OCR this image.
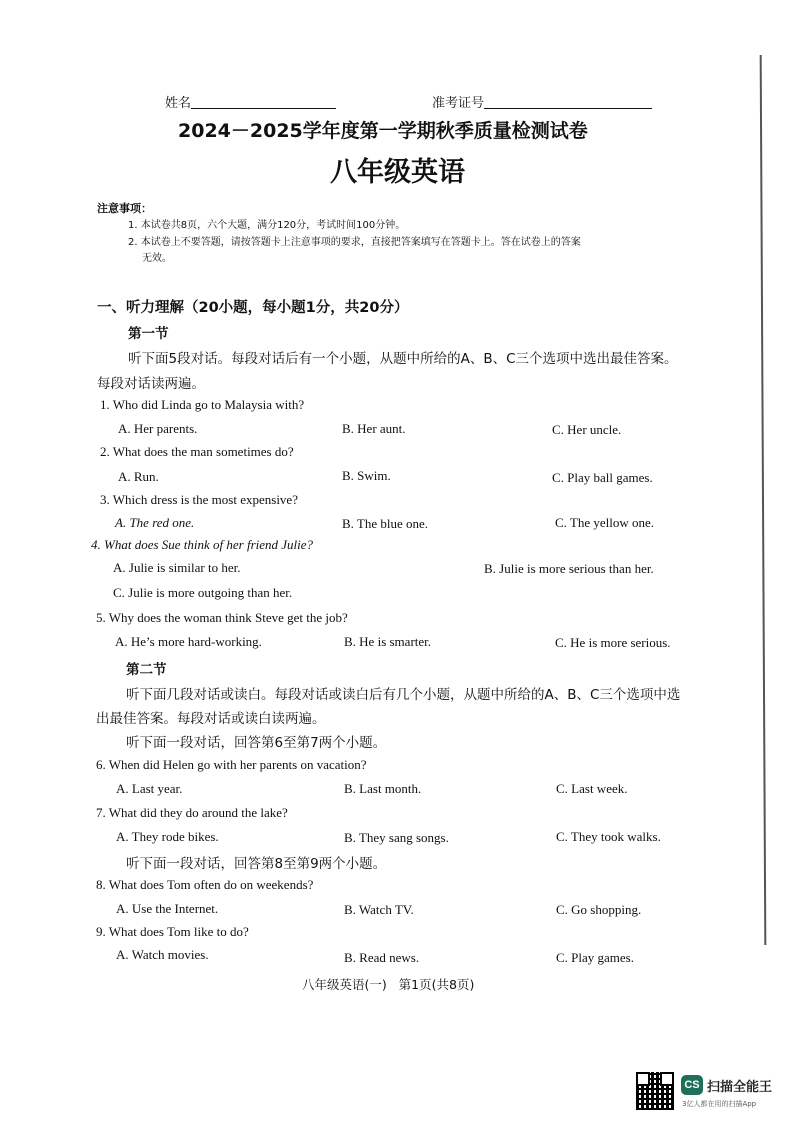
姓名	准考证号
2024－2025学年度第一学期秋季质量检测试卷
八年级英语
注意事项：
1. 本试卷共8页，六个大题，满分120分，考试时间100分钟。
2. 本试卷上不要答题，请按答题卡上注意事项的要求，直接把答案填写在答题卡上。答在试卷上的答案
无效。
一、听力理解（20小题，每小题1分，共20分）
第一节
听下面5段对话。每段对话后有一个小题，从题中所给的A、B、C三个选项中选出最佳答案。
每段对话读两遍。
1. Who did Linda go to Malaysia with?
A. Her parents.	B. Her aunt.	C. Her uncle.
2. What does the man sometimes do?
A. Run.	B. Swim.	C. Play ball games.
3. Which dress is the most expensive?
A. The red one.	B. The blue one.	C. The yellow one.
4. What does Sue think of her friend Julie?
A. Julie is similar to her.	B. Julie is more serious than her.
C. Julie is more outgoing than her.
5. Why does the woman think Steve get the job?
A. He’s more hard-working.	B. He is smarter.	C. He is more serious.
第二节
听下面几段对话或读白。每段对话或读白后有几个小题，从题中所给的A、B、C三个选项中选
出最佳答案。每段对话或读白读两遍。
听下面一段对话，回答第6至第7两个小题。
6. When did Helen go with her parents on vacation?
A. Last year.	B. Last month.	C. Last week.
7. What did they do around the lake?
A. They rode bikes.	B. They sang songs.	C. They took walks.
听下面一段对话，回答第8至第9两个小题。
8. What does Tom often do on weekends?
A. Use the Internet.	B. Watch TV.	C. Go shopping.
9. What does Tom like to do?
A. Watch movies.	B. Read news.	C. Play games.
八年级英语(一)   第1页(共8页)
CS 扫描全能王
3亿人都在用的扫描App
